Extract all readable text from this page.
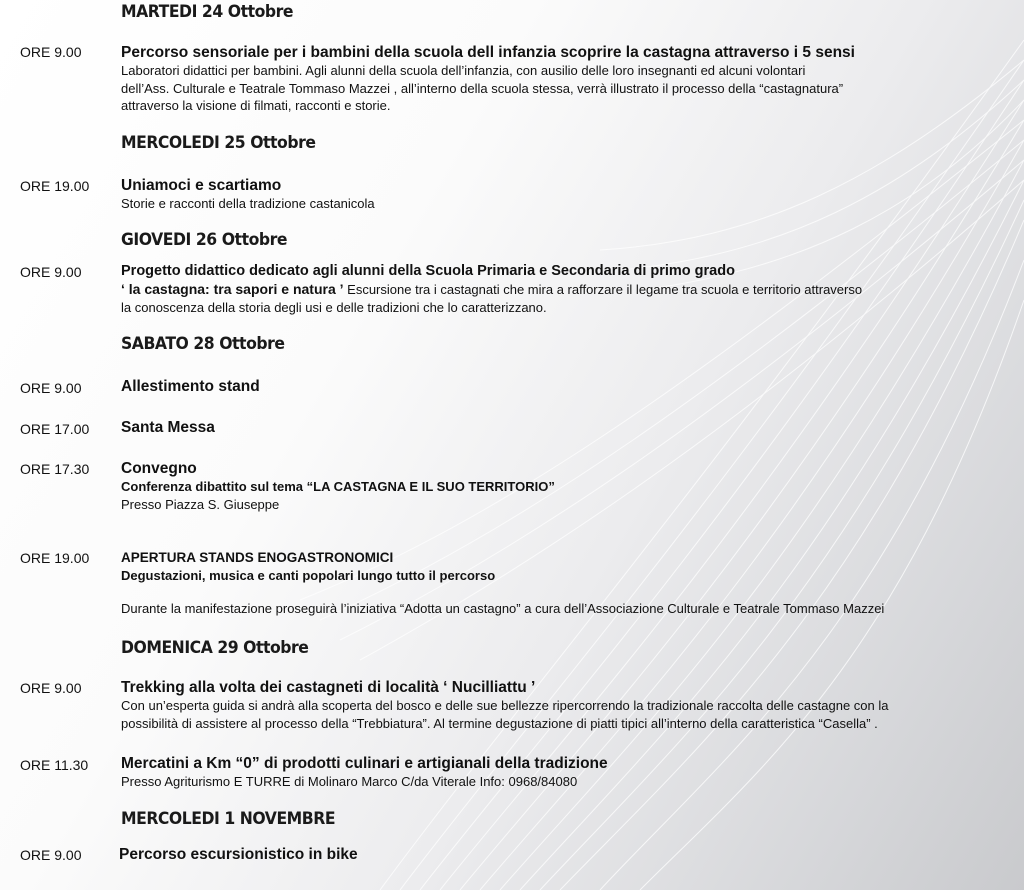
MARTEDI 24 Ottobre
ORE 9.00	Percorso sensoriale per i bambini della scuola dell infanzia scoprire la castagna attraverso i 5 sensi
Laboratori didattici per bambini. Agli alunni della scuola dell’infanzia, con ausilio delle loro insegnanti ed alcuni volontari
dell’Ass. Culturale e Teatrale Tommaso Mazzei , all’interno della scuola stessa, verrà illustrato il processo della “castagnatura”
attraverso la visione di filmati, racconti e storie.
MERCOLEDI 25 Ottobre
ORE 19.00 Uniamoci e scartiamo
Storie e racconti della tradizione castanicola
GIOVEDI 26 Ottobre
ORE 9.00	Progetto didattico dedicato agli alunni della Scuola Primaria e Secondaria di primo grado
‘ la castagna: tra sapori e natura ’ Escursione tra i castagnati che mira a rafforzare il legame tra scuola e territorio attraverso
la conoscenza della storia degli usi e delle tradizioni che lo caratterizzano.
SABATO 28 Ottobre
ORE 9.00	Allestimento stand
ORE 17.00 Santa Messa
ORE 17.30 Convegno
Conferenza dibattito sul tema “LA CASTAGNA E IL SUO TERRITORIO”
Presso Piazza S. Giuseppe
ORE 19.00 APERTURA STANDS ENOGASTRONOMICI
Degustazioni, musica e canti popolari lungo tutto il percorso
Durante la manifestazione proseguirà l’iniziativa “Adotta un castagno” a cura dell’Associazione Culturale e Teatrale Tommaso Mazzei
DOMENICA 29 Ottobre
ORE 9.00	Trekking alla volta dei castagneti di località ‘ Nucilliattu ’
Con un’esperta guida si andrà alla scoperta del bosco e delle sue bellezze ripercorrendo la tradizionale raccolta delle castagne con la
possibilità di assistere al processo della “Trebbiatura”. Al termine degustazione di piatti tipici all’interno della caratteristica “Casella” .
ORE 11.30 Mercatini a Km “0” di prodotti culinari e artigianali della tradizione
Presso Agriturismo E TURRE di Molinaro Marco C/da Viterale Info: 0968/84080
MERCOLEDI 1 NOVEMBRE
ORE 9.00 Percorso escursionistico in bike
